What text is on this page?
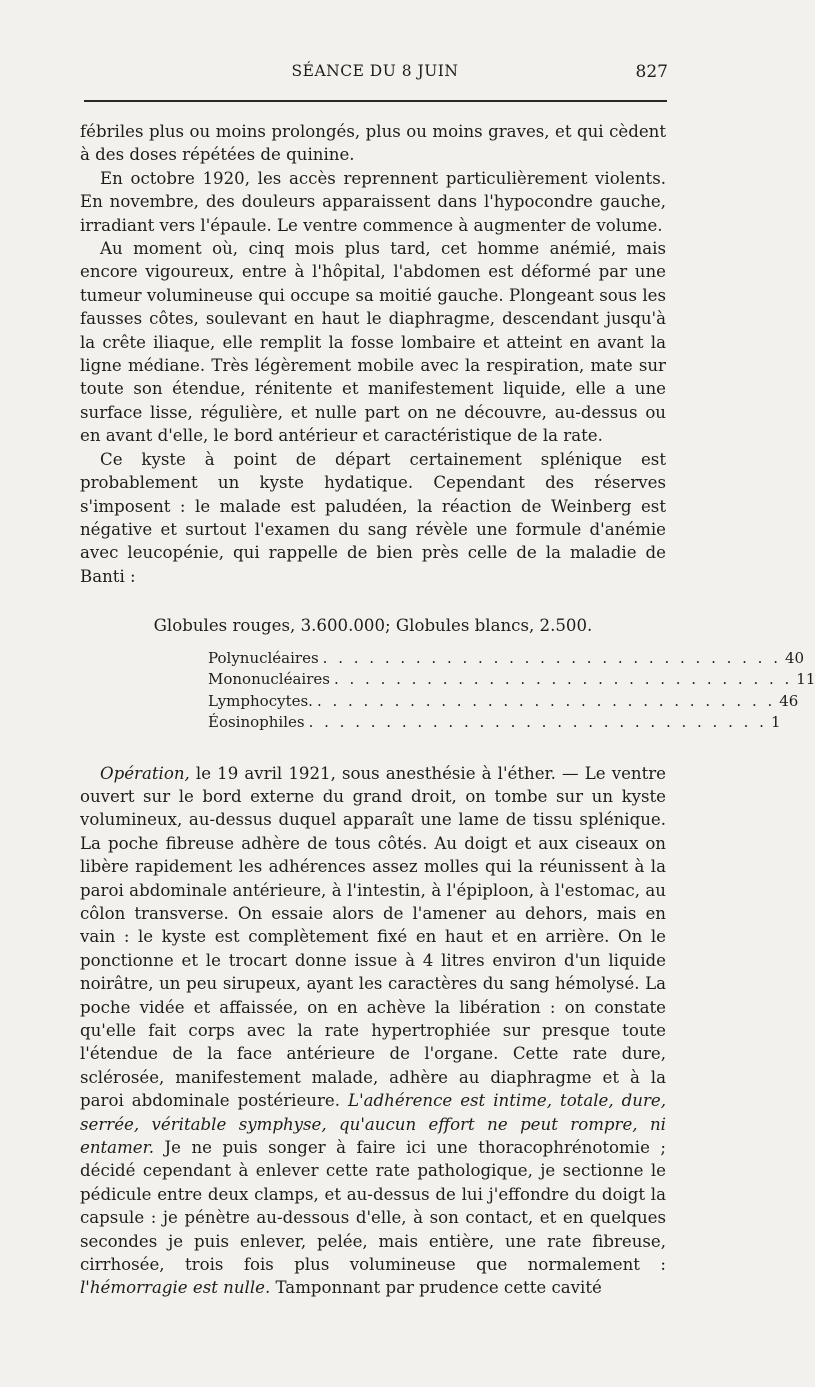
SÉANCE DU 8 JUIN	827

fébriles plus ou moins prolongés, plus ou moins graves, et qui cèdent à des doses répétées de quinine.

En octobre 1920, les accès reprennent particulièrement violents. En novembre, des douleurs apparaissent dans l'hypocondre gauche, irradiant vers l'épaule. Le ventre commence à augmenter de volume.

Au moment où, cinq mois plus tard, cet homme anémié, mais encore vigoureux, entre à l'hôpital, l'abdomen est déformé par une tumeur volumineuse qui occupe sa moitié gauche. Plongeant sous les fausses côtes, soulevant en haut le diaphragme, descendant jusqu'à la crête iliaque, elle remplit la fosse lombaire et atteint en avant la ligne médiane. Très légèrement mobile avec la respiration, mate sur toute son étendue, rénitente et manifestement liquide, elle a une surface lisse, régulière, et nulle part on ne découvre, au-dessus ou en avant d'elle, le bord antérieur et caractéristique de la rate.

Ce kyste à point de départ certainement splénique est probablement un kyste hydatique. Cependant des réserves s'imposent : le malade est paludéen, la réaction de Weinberg est négative et surtout l'examen du sang révèle une formule d'anémie avec leucopénie, qui rappelle de bien près celle de la maladie de Banti :

Globules rouges, 3.600.000; Globules blancs, 2.500.
Polynucléaires . . . . . . . . . . . . . . . . . . . . . . . . . . . . . . 40
Mononucléaires . . . . . . . . . . . . . . . . . . . . . . . . . . . . . . 11
Lymphocytes. . . . . . . . . . . . . . . . . . . . . . . . . . . . . . . 46
Éosinophiles . . . . . . . . . . . . . . . . . . . . . . . . . . . . . . 1

Opération, le 19 avril 1921, sous anesthésie à l'éther. — Le ventre ouvert sur le bord externe du grand droit, on tombe sur un kyste volumineux, au-dessus duquel apparaît une lame de tissu splénique. La poche fibreuse adhère de tous côtés. Au doigt et aux ciseaux on libère rapidement les adhérences assez molles qui la réunissent à la paroi abdominale antérieure, à l'intestin, à l'épiploon, à l'estomac, au côlon transverse. On essaie alors de l'amener au dehors, mais en vain : le kyste est complètement fixé en haut et en arrière. On le ponctionne et le trocart donne issue à 4 litres environ d'un liquide noirâtre, un peu sirupeux, ayant les caractères du sang hémolysé. La poche vidée et affaissée, on en achève la libération : on constate qu'elle fait corps avec la rate hypertrophiée sur presque toute l'étendue de la face antérieure de l'organe. Cette rate dure, sclérosée, manifestement malade, adhère au diaphragme et à la paroi abdominale postérieure. L'adhérence est intime, totale, dure, serrée, véritable symphyse, qu'aucun effort ne peut rompre, ni entamer. Je ne puis songer à faire ici une thoracophrénotomie ; décidé cependant à enlever cette rate pathologique, je sectionne le pédicule entre deux clamps, et au-dessus de lui j'effondre du doigt la capsule : je pénètre au-dessous d'elle, à son contact, et en quelques secondes je puis enlever, pelée, mais entière, une rate fibreuse, cirrhosée, trois fois plus volumineuse que normalement : l'hémorragie est nulle. Tamponnant par prudence cette cavité
